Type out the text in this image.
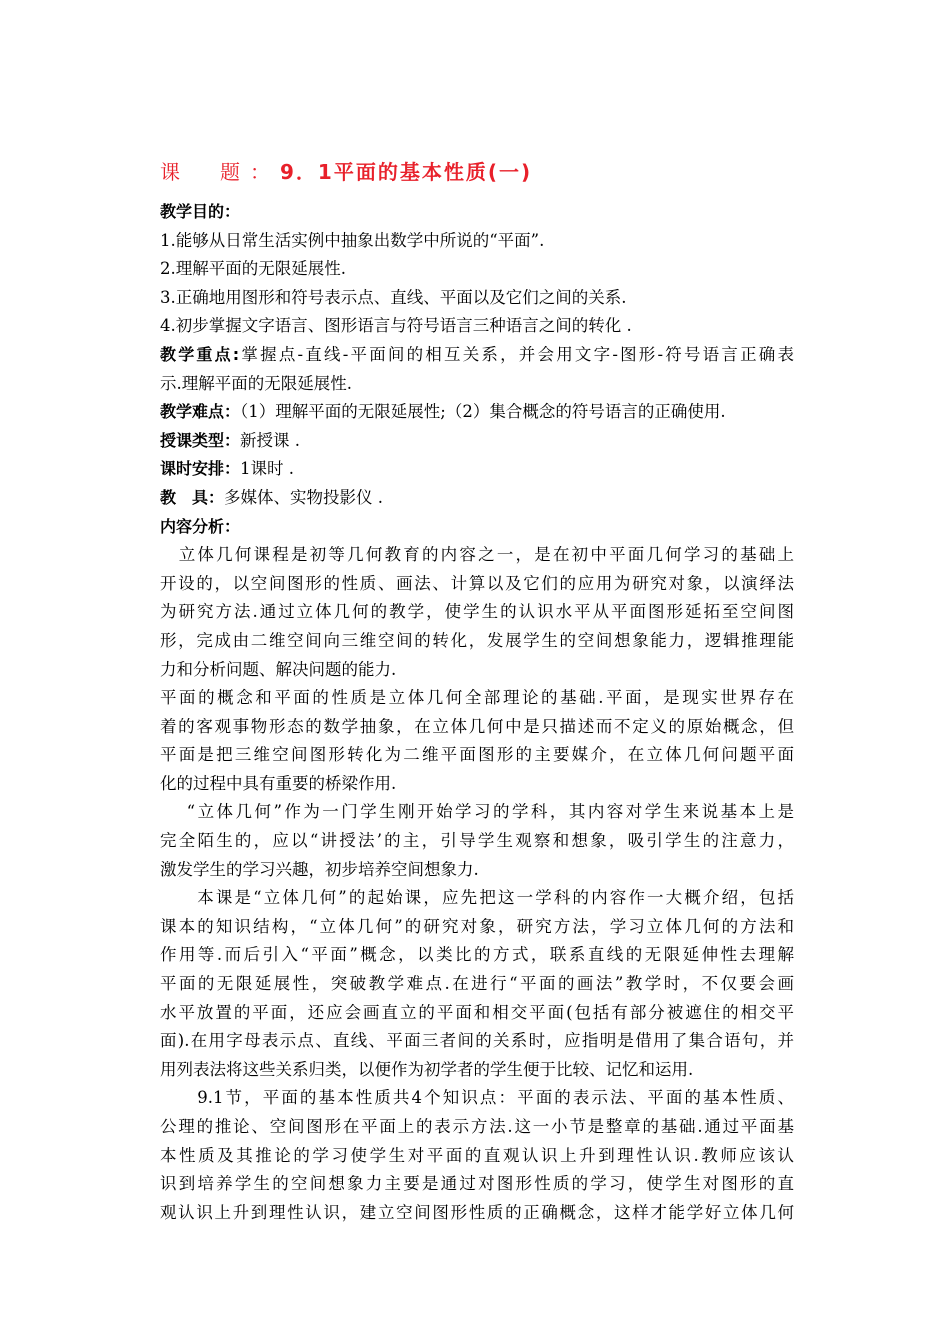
课　题：9．1平面的基本性质(一)
教学目的：
1.能够从日常生活实例中抽象出数学中所说的“平面”.
2.理解平面的无限延展性.
3.正确地用图形和符号表示点、直线、平面以及它们之间的关系.
4.初步掌握文字语言、图形语言与符号语言三种语言之间的转化 .
教学重点:掌握点-直线-平面间的相互关系，并会用文字-图形-符号语言正确表
示.理解平面的无限延展性.
教学难点：（1）理解平面的无限延展性;（2）集合概念的符号语言的正确使用.
授课类型：新授课 .
课时安排：1课时 .
教　具：多媒体、实物投影仪 .
内容分析：
　立体几何课程是初等几何教育的内容之一，是在初中平面几何学习的基础上
开设的，以空间图形的性质、画法、计算以及它们的应用为研究对象，以演绎法
为研究方法.通过立体几何的教学，使学生的认识水平从平面图形延拓至空间图
形，完成由二维空间向三维空间的转化，发展学生的空间想象能力，逻辑推理能
力和分析问题、解决问题的能力.
平面的概念和平面的性质是立体几何全部理论的基础.平面，是现实世界存在
着的客观事物形态的数学抽象，在立体几何中是只描述而不定义的原始概念，但
平面是把三维空间图形转化为二维平面图形的主要媒介，在立体几何问题平面
化的过程中具有重要的桥梁作用.
　 “立体几何”作为一门学生刚开始学习的学科，其内容对学生来说基本上是
完全陌生的，应以“讲授法’的主，引导学生观察和想象，吸引学生的注意力，
激发学生的学习兴趣，初步培养空间想象力.
　　本课是“立体几何”的起始课，应先把这一学科的内容作一大概介绍，包括
课本的知识结构，“立体几何”的研究对象，研究方法，学习立体几何的方法和
作用等.而后引入“平面”概念，以类比的方式，联系直线的无限延伸性去理解
平面的无限延展性，突破教学难点.在进行“平面的画法”教学时，不仅要会画
水平放置的平面，还应会画直立的平面和相交平面(包括有部分被遮住的相交平
面).在用字母表示点、直线、平面三者间的关系时，应指明是借用了集合语句，并
用列表法将这些关系归类，以便作为初学者的学生便于比较、记忆和运用.
　　9.1节，平面的基本性质共4个知识点：平面的表示法、平面的基本性质、
公理的推论、空间图形在平面上的表示方法.这一小节是整章的基础.通过平面基
本性质及其推论的学习使学生对平面的直观认识上升到理性认识.教师应该认
识到培养学生的空间想象力主要是通过对图形性质的学习，使学生对图形的直
观认识上升到理性认识，建立空间图形性质的正确概念，这样才能学好立体几何
